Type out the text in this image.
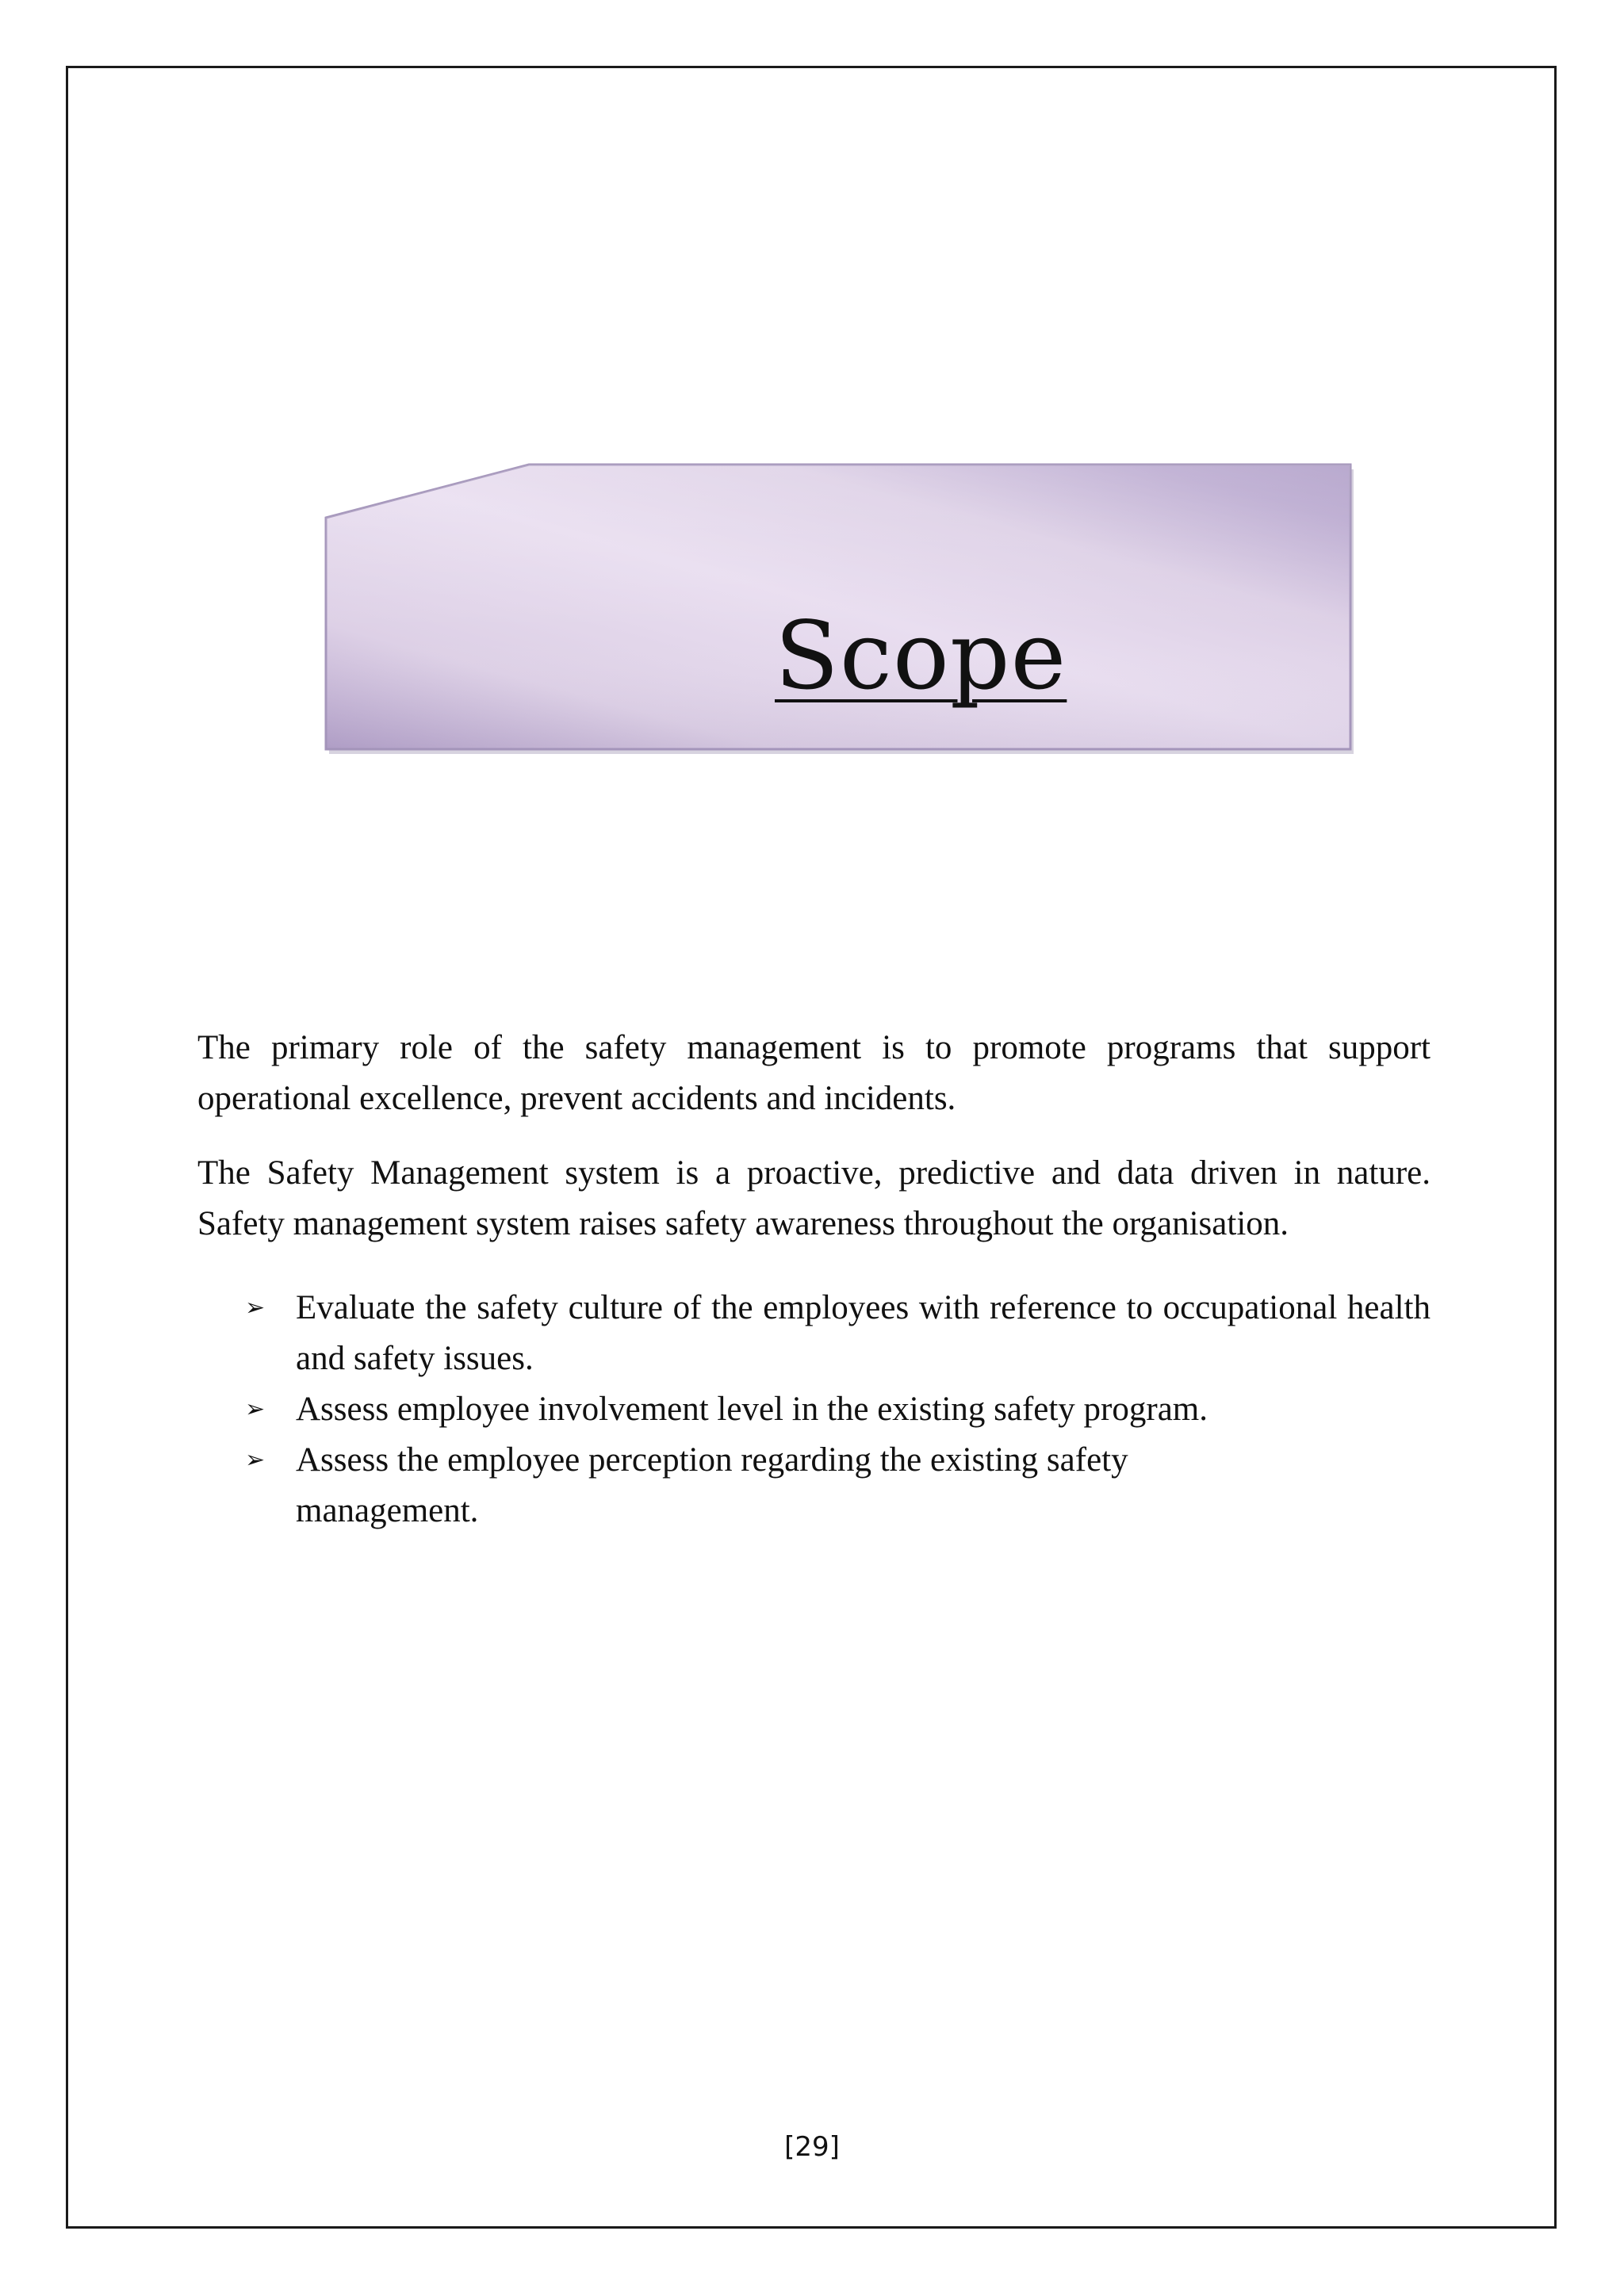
Scope

The primary role of the safety management is to promote programs that support operational excellence, prevent accidents and incidents.

The Safety Management system is a proactive, predictive and data driven in nature. Safety management system raises safety awareness throughout the organisation.

➢ Evaluate the safety culture of the employees with reference to occupational health and safety issues.
➢ Assess employee involvement level in the existing safety program.
➢ Assess the employee perception regarding the existing safety management.
[29]
